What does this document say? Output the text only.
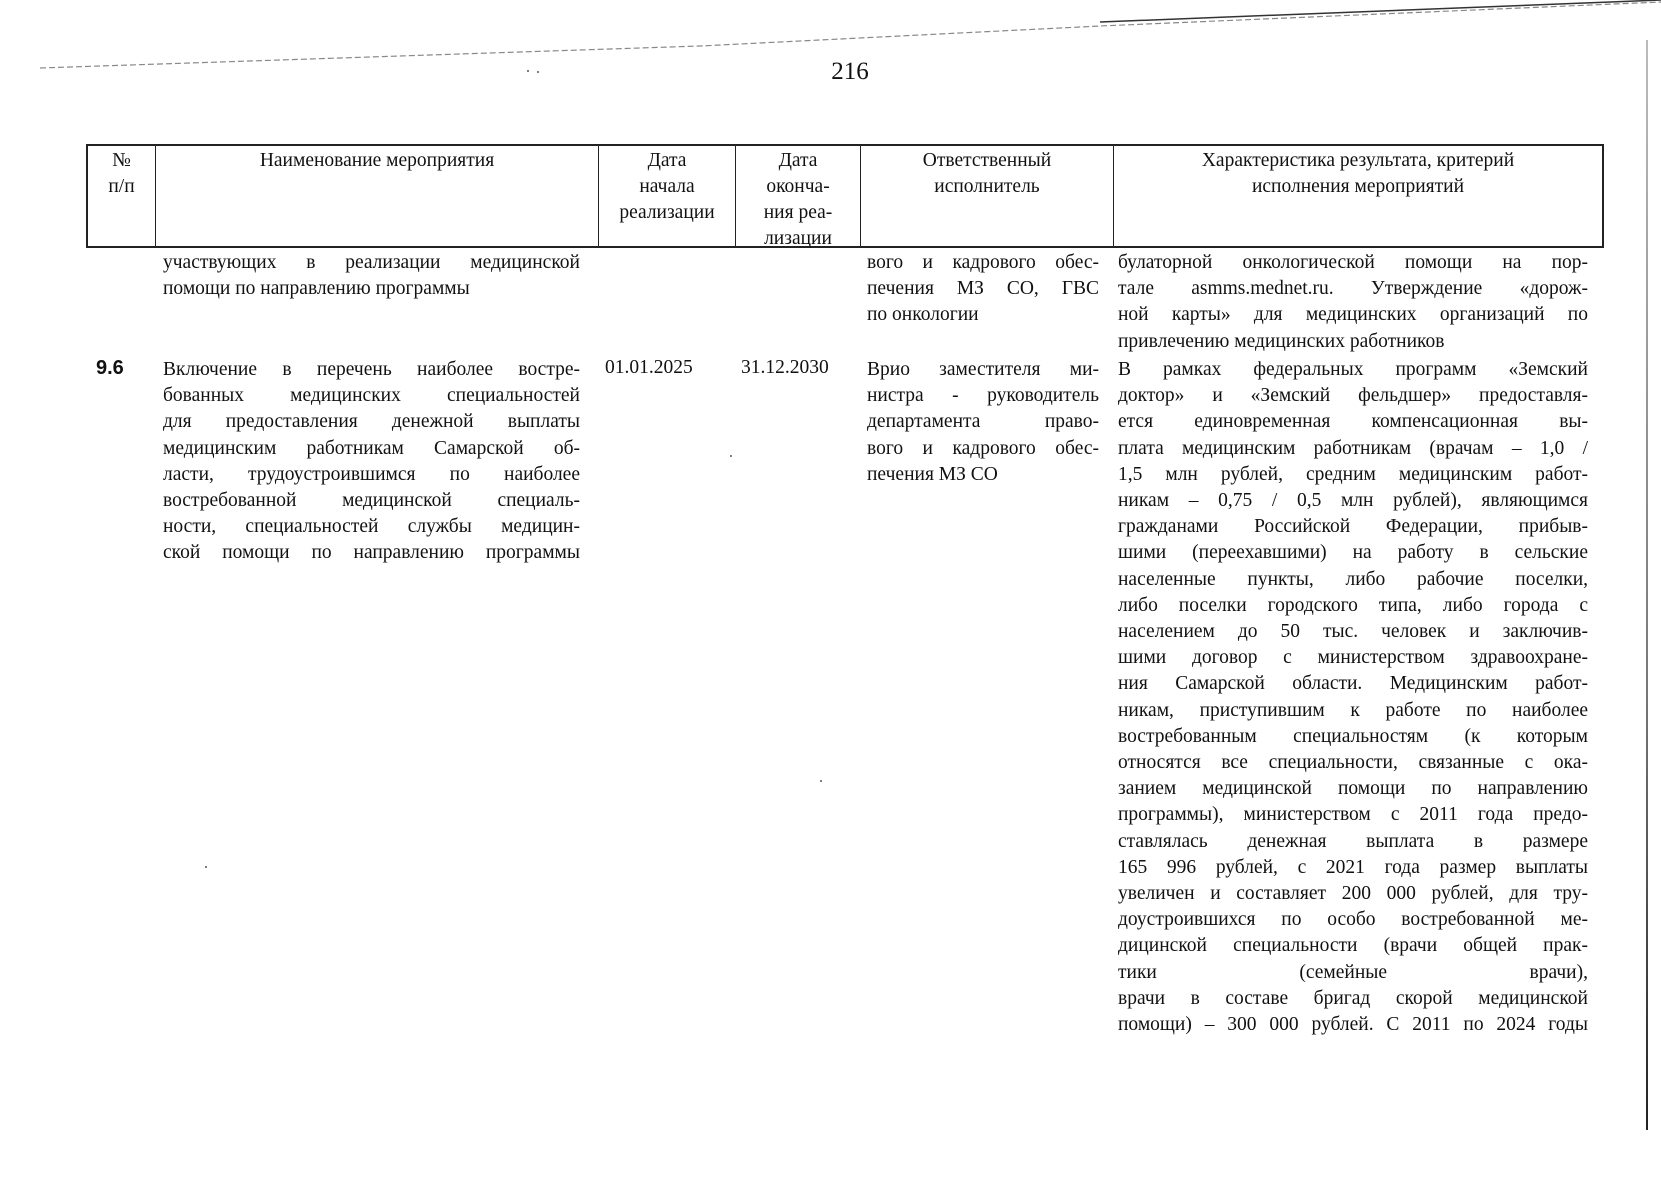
216
№
п/п
Наименование мероприятия	Дата
начала
реализации
Дата
оконча-
ния реа-
лизации
Ответственный
исполнитель
Характеристика результата, критерий
исполнения мероприятий
участвующих в реализации медицинской
помощи по направлению программы
вого и кадрового обес-
печения МЗ СО, ГВС
по онкологии
булаторной онкологической помощи на пор-
тале asmms.mednet.ru. Утверждение «дорож-
ной карты» для медицинских организаций по
привлечению медицинских работников
9.6 Включение в перечень наиболее востре-
бованных медицинских специальностей
для предоставления денежной выплаты
медицинским работникам Самарской об-
ласти, трудоустроившимся по наиболее
востребованной медицинской специаль-
ности, специальностей службы медицин-
ской помощи по направлению программы
01.01.2025 31.12.2030 Врио заместителя ми-
нистра - руководитель
департамента право-
вого и кадрового обес-
печения МЗ СО
В рамках федеральных программ «Земский
доктор» и «Земский фельдшер» предоставля-
ется единовременная компенсационная вы-
плата медицинским работникам (врачам – 1,0 /
1,5 млн рублей, средним медицинским работ-
никам – 0,75 / 0,5 млн рублей), являющимся
гражданами Российской Федерации, прибыв-
шими (переехавшими) на работу в сельские
населенные пункты, либо рабочие поселки,
либо поселки городского типа, либо города с
населением до 50 тыс. человек и заключив-
шими договор с министерством здравоохране-
ния Самарской области. Медицинским работ-
никам, приступившим к работе по наиболее
востребованным специальностям (к которым
относятся все специальности, связанные с ока-
занием медицинской помощи по направлению
программы), министерством с 2011 года предо-
ставлялась денежная выплата в размере
165 996 рублей, с 2021 года размер выплаты
увеличен и составляет 200 000 рублей, для тру-
доустроившихся по особо востребованной ме-
дицинской специальности (врачи общей прак-
тики (семейные врачи),
врачи в составе бригад скорой медицинской
помощи) – 300 000 рублей. С 2011 по 2024 годы
